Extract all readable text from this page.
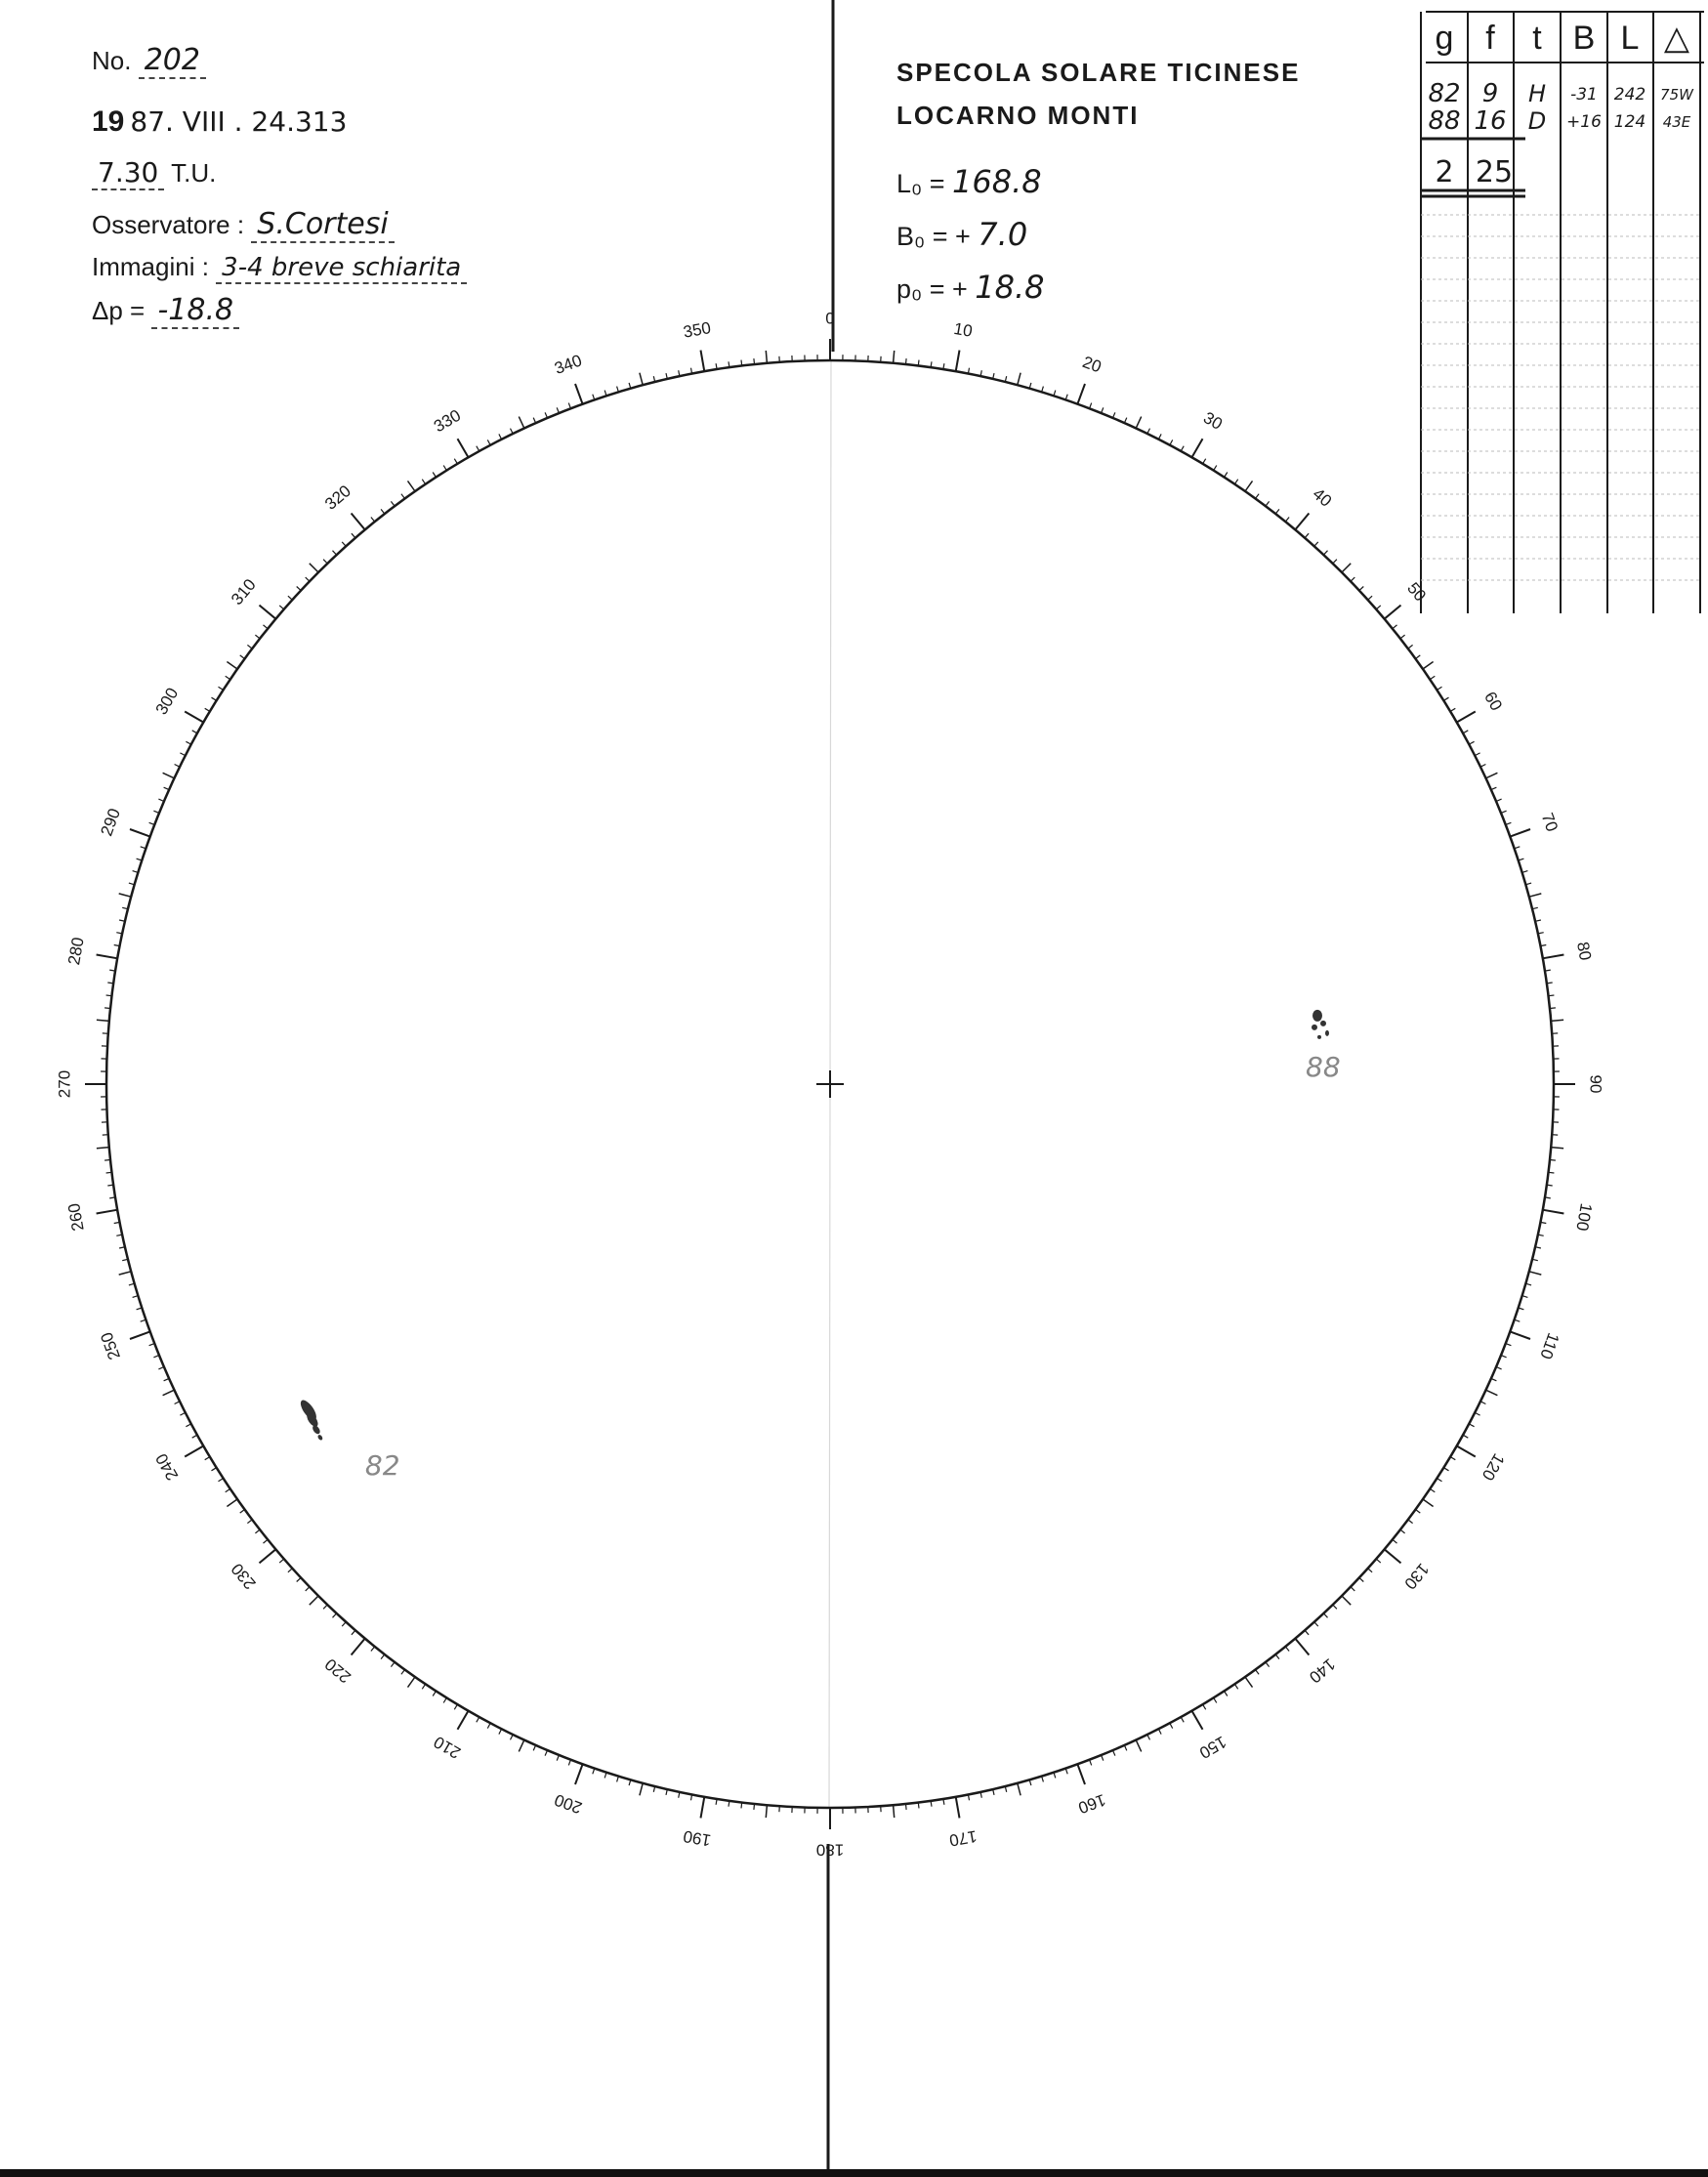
No. 202
19 87. VIII . 24.313
7.30 T.U.
Osservatore : S.Cortesi
Immagini : 3-4 breve schiarita
Δp = -18.8
SPECOLA SOLARE TICINESE
LOCARNO MONTI
L₀ = 168.8
B₀ = + 7.0
p₀ = + 18.8
g f t B L △
82 9 H -31 242 75W
88 16 D +16 124 43E
2 25
0
10
20
30
40
50
60
70
80
90
100
110
120
130
140
150
160
170
180
190
200
210
220
230
240
250
260
270
280
290
300
310
320
330
340
350
88
82
